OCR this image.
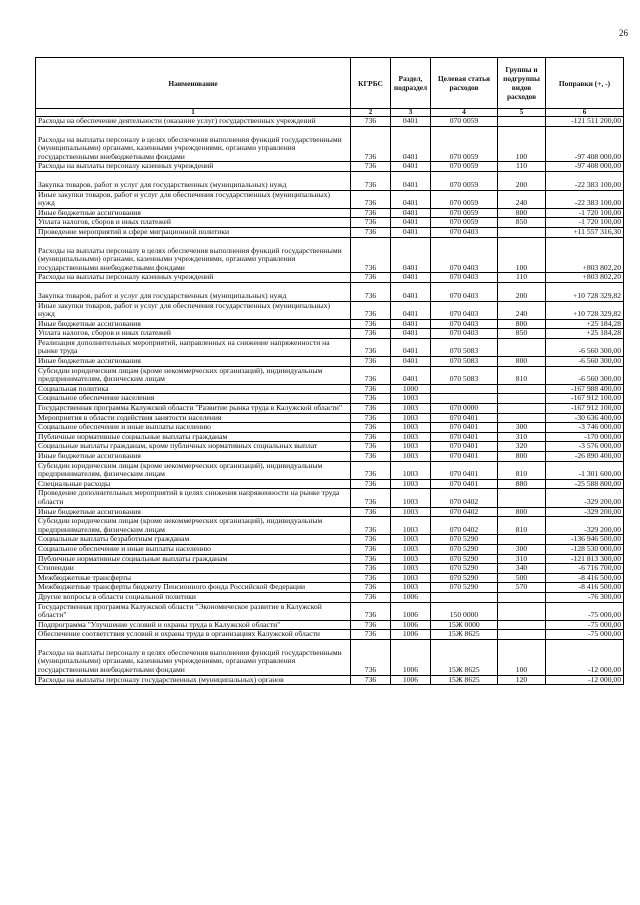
26
Наименование	КГРБС	Раздел, подраздел	Целевая статья расходов	Группы и подгруппы видов расходов	Поправки (+, -)
1	2	3	4	5	6
Расходы на обеспечение деятельности (оказание услуг) государственных учреждений	736	0401	070 0059		-121 511 200,00
Расходы на выплаты персоналу в целях обеспечения выполнения функций государственными (муниципальными) органами, казенными учреждениями, органами управления государственными внебюджетными фондами	736	0401	070 0059	100	-97 408 000,00
Расходы на выплаты персоналу казенных учреждений	736	0401	070 0059	110	-97 408 000,00
Закупка товаров, работ и услуг для государственных (муниципальных) нужд	736	0401	070 0059	200	-22 383 100,00
Иные закупки товаров, работ и услуг для обеспечения государственных (муниципальных) нужд	736	0401	070 0059	240	-22 383 100,00
Иные бюджетные ассигнования	736	0401	070 0059	800	-1 720 100,00
Уплата налогов, сборов и иных платежей	736	0401	070 0059	850	-1 720 100,00
Проведение мероприятий в сфере миграционной политики	736	0401	070 0403		+11 557 316,30
Расходы на выплаты персоналу в целях обеспечения выполнения функций государственными (муниципальными) органами, казенными учреждениями, органами управления государственными внебюджетными фондами	736	0401	070 0403	100	+803 802,20
Расходы на выплаты персоналу казенных учреждений	736	0401	070 0403	110	+803 802,20
Закупка товаров, работ и услуг для государственных (муниципальных) нужд	736	0401	070 0403	200	+10 728 329,82
Иные закупки товаров, работ и услуг для обеспечения государственных (муниципальных) нужд	736	0401	070 0403	240	+10 728 329,82
Иные бюджетные ассигнования	736	0401	070 0403	800	+25 184,28
Уплата налогов, сборов и иных платежей	736	0401	070 0403	850	+25 184,28
Реализация дополнительных мероприятий, направленных на снижение напряженности на рынке труда	736	0401	070 5083		-6 560 300,00
Иные бюджетные ассигнования	736	0401	070 5083	800	-6 560 300,00
Субсидии юридическим лицам (кроме некоммерческих организаций), индивидуальным предпринимателям, физическим лицам	736	0401	070 5083	810	-6 560 300,00
Социальная политика	736	1000			-167 988 400,00
Социальное обеспечение населения	736	1003			-167 912 100,00
Государственная программа Калужской области "Развитие рынка труда в Калужской области"	736	1003	070 0000		-167 912 100,00
Мероприятия в области содействия занятости населения	736	1003	070 0401		-30 636 400,00
Социальное обеспечение и иные выплаты населению	736	1003	070 0401	300	-3 746 000,00
Публичные нормативные социальные выплаты гражданам	736	1003	070 0401	310	-170 000,00
Социальные выплаты гражданам, кроме публичных нормативных социальных выплат	736	1003	070 0401	320	-3 576 000,00
Иные бюджетные ассигнования	736	1003	070 0401	800	-26 890 400,00
Субсидии юридическим лицам (кроме некоммерческих организаций), индивидуальным предпринимателям, физическим лицам	736	1003	070 0401	810	-1 301 600,00
Специальные расходы	736	1003	070 0401	880	-25 588 800,00
Проведение дополнительных мероприятий в целях снижения напряженности на рынке труда области	736	1003	070 0402		-329 200,00
Иные бюджетные ассигнования	736	1003	070 0402	800	-329 200,00
Субсидии юридическим лицам (кроме некоммерческих организаций), индивидуальным предпринимателям, физическим лицам	736	1003	070 0402	810	-329 200,00
Социальные выплаты безработным гражданам	736	1003	070 5290		-136 946 500,00
Социальное обеспечение и иные выплаты населению	736	1003	070 5290	300	-128 530 000,00
Публичные нормативные социальные выплаты гражданам	736	1003	070 5290	310	-121 813 300,00
Стипендии	736	1003	070 5290	340	-6 716 700,00
Межбюджетные трансферты	736	1003	070 5290	500	-8 416 500,00
Межбюджетные трансферты бюджету Пенсионного фонда Российской Федерации	736	1003	070 5290	570	-8 416 500,00
Другие вопросы в области социальной политики	736	1006			-76 300,00
Государственная программа Калужской области "Экономическое развитие в Калужской области"	736	1006	150 0000		-75 000,00
Подпрограмма "Улучшение условий и охраны труда в Калужской области"	736	1006	15Ж 0000		-75 000,00
Обеспечение соответствия условий и охраны труда в организациях Калужской области	736	1006	15Ж 8625		-75 000,00
Расходы на выплаты персоналу в целях обеспечения выполнения функций государственными (муниципальными) органами, казенными учреждениями, органами управления государственными внебюджетными фондами	736	1006	15Ж 8625	100	-12 000,00
Расходы на выплаты персоналу государственных (муниципальных) органов	736	1006	15Ж 8625	120	-12 000,00
